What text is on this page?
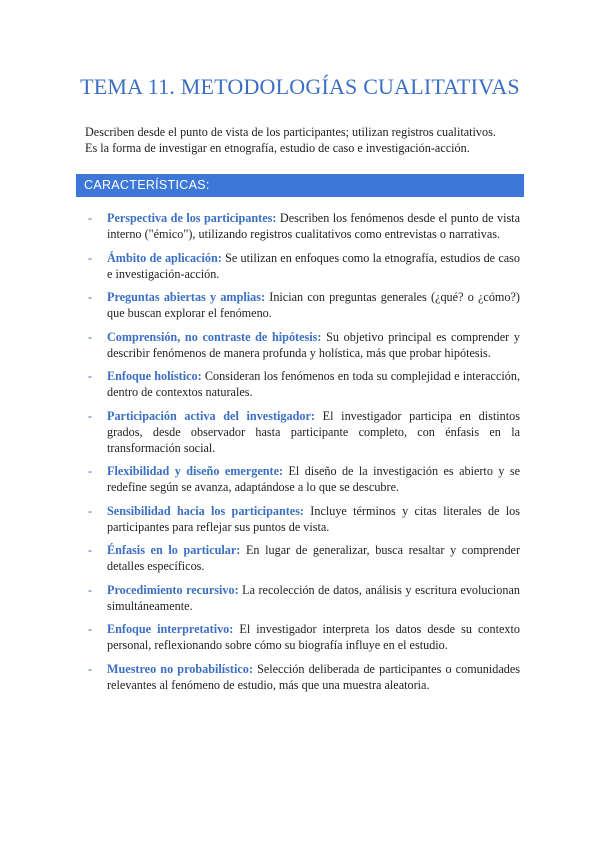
TEMA 11. METODOLOGÍAS CUALITATIVAS
Describen desde el punto de vista de los participantes; utilizan registros cualitativos.
Es la forma de investigar en etnografía, estudio de caso e investigación-acción.
CARACTERÍSTICAS:
- Perspectiva de los participantes: Describen los fenómenos desde el punto de vista interno ("émico"), utilizando registros cualitativos como entrevistas o narrativas.
- Ámbito de aplicación: Se utilizan en enfoques como la etnografía, estudios de caso e investigación-acción.
- Preguntas abiertas y amplias: Inician con preguntas generales (¿qué? o ¿cómo?) que buscan explorar el fenómeno.
- Comprensión, no contraste de hipótesis: Su objetivo principal es comprender y describir fenómenos de manera profunda y holística, más que probar hipótesis.
- Enfoque holístico: Consideran los fenómenos en toda su complejidad e interacción, dentro de contextos naturales.
- Participación activa del investigador: El investigador participa en distintos grados, desde observador hasta participante completo, con énfasis en la transformación social.
- Flexibilidad y diseño emergente: El diseño de la investigación es abierto y se redefine según se avanza, adaptándose a lo que se descubre.
- Sensibilidad hacia los participantes: Incluye términos y citas literales de los participantes para reflejar sus puntos de vista.
- Énfasis en lo particular: En lugar de generalizar, busca resaltar y comprender detalles específicos.
- Procedimiento recursivo: La recolección de datos, análisis y escritura evolucionan simultáneamente.
- Enfoque interpretativo: El investigador interpreta los datos desde su contexto personal, reflexionando sobre cómo su biografía influye en el estudio.
- Muestreo no probabilístico: Selección deliberada de participantes o comunidades relevantes al fenómeno de estudio, más que una muestra aleatoria.
